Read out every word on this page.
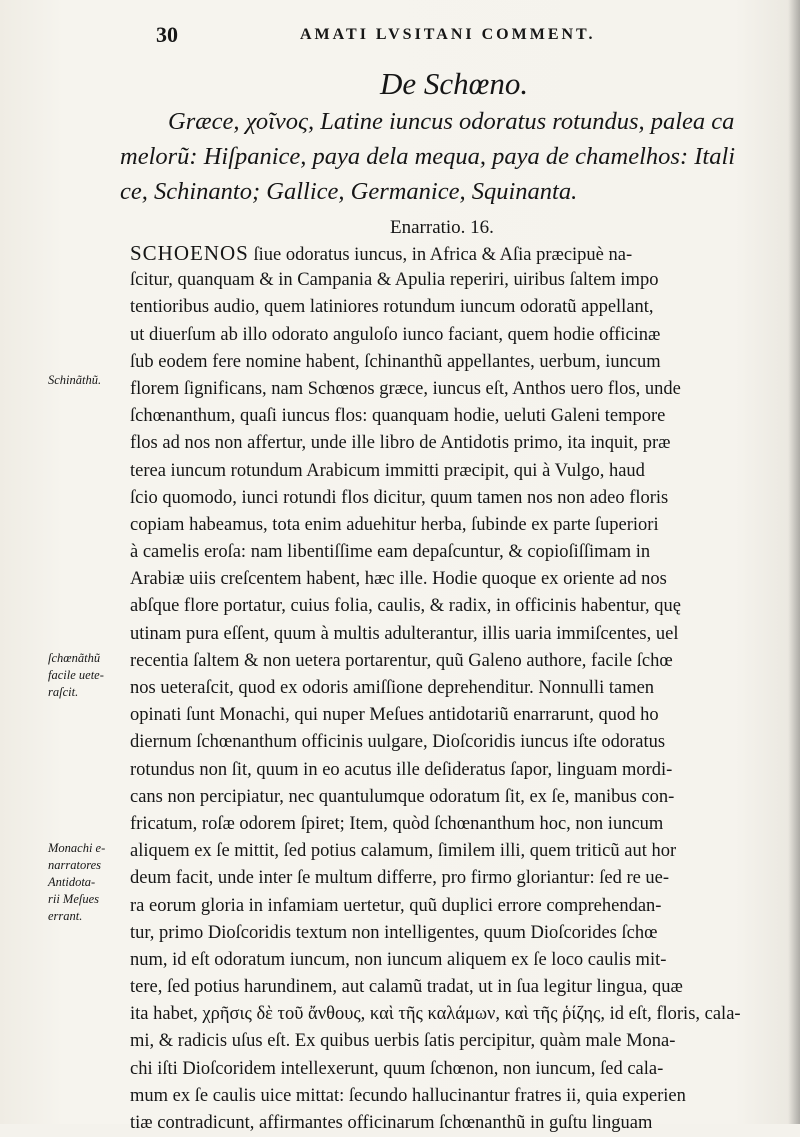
30	AMATI LVSITANI COMMENT.
De Schœno.
Græce, χοῖνος, Latine iuncus odoratus rotundus, palea ca
melorũ: Hiſpanice, paya dela mequa, paya de chamelhos: Itali
ce, Schinanto; Gallice, Germanice, Squinanta.
Enarratio. 16.
SCHOENOS ſiue odoratus iuncus, in Africa & Aſia præcipuè na-
ſcitur, quanquam & in Campania & Apulia reperiri, uiribus ſaltem impo
tentioribus audio, quem latiniores rotundum iuncum odoratũ appellant,
ut diuerſum ab illo odorato anguloſo iunco faciant, quem hodie officinæ
ſub eodem fere nomine habent, ſchinanthũ appellantes, uerbum, iuncum
florem ſignificans, nam Schœnos græce, iuncus eſt, Anthos uero flos, unde
ſchœnanthum, quaſi iuncus flos: quanquam hodie, ueluti Galeni tempore
flos ad nos non affertur, unde ille libro de Antidotis primo, ita inquit, præ
terea iuncum rotundum Arabicum immitti præcipit, qui à Vulgo, haud
ſcio quomodo, iunci rotundi flos dicitur, quum tamen nos non adeo floris
copiam habeamus, tota enim aduehitur herba, ſubinde ex parte ſuperiori
à camelis eroſa: nam libentiſſime eam depaſcuntur, & copioſiſſimam in
Arabiæ uiis creſcentem habent, hæc ille. Hodie quoque ex oriente ad nos
abſque flore portatur, cuius folia, caulis, & radix, in officinis habentur, quę
utinam pura eſſent, quum à multis adulterantur, illis uaria immiſcentes, uel
recentia ſaltem & non uetera portarentur, quũ Galeno authore, facile ſchœ
nos ueteraſcit, quod ex odoris amiſſione deprehenditur. Nonnulli tamen
opinati ſunt Monachi, qui nuper Meſues antidotariũ enarrarunt, quod ho
diernum ſchœnanthum officinis uulgare, Dioſcoridis iuncus iſte odoratus
rotundus non ſit, quum in eo acutus ille deſideratus ſapor, linguam mordi-
cans non percipiatur, nec quantulumque odoratum ſit, ex ſe, manibus con-
fricatum, roſæ odorem ſpiret; Item, quòd ſchœnanthum hoc, non iuncum
aliquem ex ſe mittit, ſed potius calamum, ſimilem illi, quem triticũ aut hor
deum facit, unde inter ſe multum differre, pro firmo gloriantur: ſed re ue-
ra eorum gloria in infamiam uertetur, quũ duplici errore comprehendan-
tur, primo Dioſcoridis textum non intelligentes, quum Dioſcorides ſchœ
num, id eſt odoratum iuncum, non iuncum aliquem ex ſe loco caulis mit-
tere, ſed potius harundinem, aut calamũ tradat, ut in ſua legitur lingua, quæ
ita habet, χρῆσις δὲ τοῦ ἄνθους, καὶ τῆς καλάμων, καὶ τῆς ῥίζης, id eſt, floris, cala-
mi, & radicis uſus eſt. Ex quibus uerbis ſatis percipitur, quàm male Mona-
chi iſti Dioſcoridem intellexerunt, quum ſchœnon, non iuncum, ſed cala-
mum ex ſe caulis uice mittat: ſecundo hallucinantur fratres ii, quia experien
tiæ contradicunt, affirmantes officinarum ſchœnanthũ in guſtu linguam
Schinãthũ.
ſchœnãthũ
facile uete-
raſcit.
Monachi e-
narratores
Antidota-
rii Meſues
errant.
